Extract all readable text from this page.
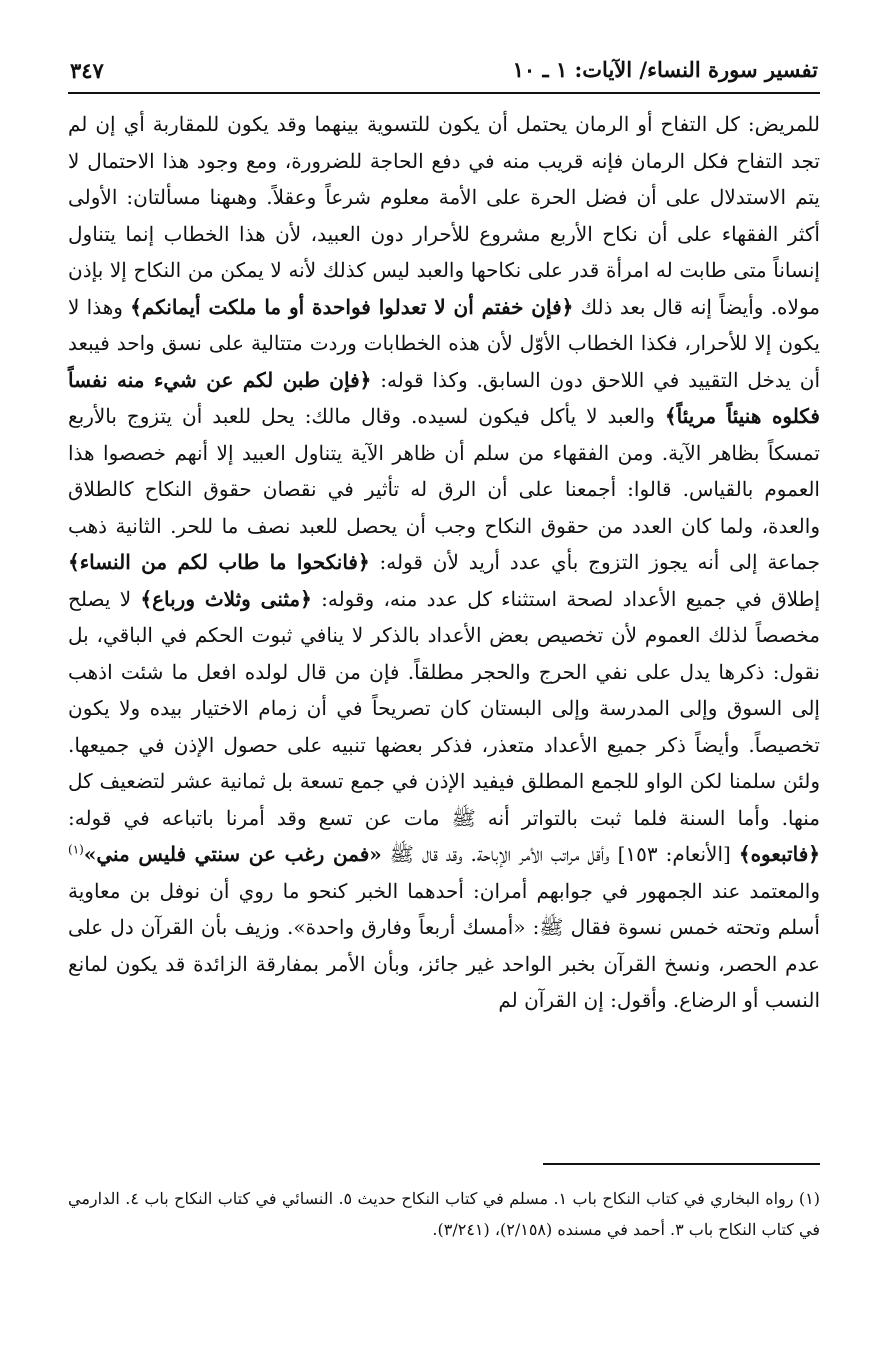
٣٤٧	تفسير سورة النساء/ الآيات: ١ ـ ١٠

للمريض: كل التفاح أو الرمان يحتمل أن يكون للتسوية بينهما وقد يكون للمقاربة أي إن لم تجد التفاح فكل الرمان فإنه قريب منه في دفع الحاجة للضرورة، ومع وجود هذا الاحتمال لا يتم الاستدلال على أن فضل الحرة على الأمة معلوم شرعاً وعقلاً. وهىهنا مسألتان: الأولى أكثر الفقهاء على أن نكاح الأربع مشروع للأحرار دون العبيد، لأن هذا الخطاب إنما يتناول إنساناً متى طابت له امرأة قدر على نكاحها والعبد ليس كذلك لأنه لا يمكن من النكاح إلا بإذن مولاه. وأيضاً إنه قال بعد ذلك ﴿فإن خفتم أن لا تعدلوا فواحدة أو ما ملكت أيمانكم﴾ وهذا لا يكون إلا للأحرار، فكذا الخطاب الأوّل لأن هذه الخطابات وردت متتالية على نسق واحد فيبعد أن يدخل التقييد في اللاحق دون السابق. وكذا قوله: ﴿فإن طبن لكم عن شيء منه نفساً فكلوه هنيئاً مريئاً﴾ والعبد لا يأكل فيكون لسيده. وقال مالك: يحل للعبد أن يتزوج بالأربع تمسكاً بظاهر الآية. ومن الفقهاء من سلم أن ظاهر الآية يتناول العبيد إلا أنهم خصصوا هذا العموم بالقياس. قالوا: أجمعنا على أن الرق له تأثير في نقصان حقوق النكاح كالطلاق والعدة، ولما كان العدد من حقوق النكاح وجب أن يحصل للعبد نصف ما للحر. الثانية ذهب جماعة إلى أنه يجوز التزوج بأي عدد أريد لأن قوله: ﴿فانكحوا ما طاب لكم من النساء﴾ إطلاق في جميع الأعداد لصحة استثناء كل عدد منه، وقوله: ﴿مثنى وثلاث ورباع﴾ لا يصلح مخصصاً لذلك العموم لأن تخصيص بعض الأعداد بالذكر لا ينافي ثبوت الحكم في الباقي، بل نقول: ذكرها يدل على نفي الحرج والحجر مطلقاً. فإن من قال لولده افعل ما شئت اذهب إلى السوق وإلى المدرسة وإلى البستان كان تصريحاً في أن زمام الاختيار بيده ولا يكون تخصيصاً. وأيضاً ذكر جميع الأعداد متعذر، فذكر بعضها تنبيه على حصول الإذن في جميعها. ولئن سلمنا لكن الواو للجمع المطلق فيفيد الإذن في جمع تسعة بل ثمانية عشر لتضعيف كل منها. وأما السنة فلما ثبت بالتواتر أنه ﷺ مات عن تسع وقد أمرنا باتباعه في قوله: ﴿فاتبعوه﴾ [الأنعام: ١٥٣] وأقل مراتب الأمر الإباحة. وقد قال ﷺ «فمن رغب عن سنتي فليس مني»$^{(١)}$ والمعتمد عند الجمهور في جوابهم أمران: أحدهما الخبر كنحو ما روي أن نوفل بن معاوية أسلم وتحته خمس نسوة فقال ﷺ: «أمسك أربعاً وفارق واحدة». وزيف بأن القرآن دل على عدم الحصر، ونسخ القرآن بخبر الواحد غير جائز، وبأن الأمر بمفارقة الزائدة قد يكون لمانع النسب أو الرضاع. وأقول: إن القرآن لم

(١) رواه البخاري في كتاب النكاح باب ١. مسلم في كتاب النكاح حديث ٥. النسائي في كتاب النكاح باب ٤. الدارمي في كتاب النكاح باب ٣. أحمد في مسنده (٢/١٥٨)، (٣/٢٤١).
